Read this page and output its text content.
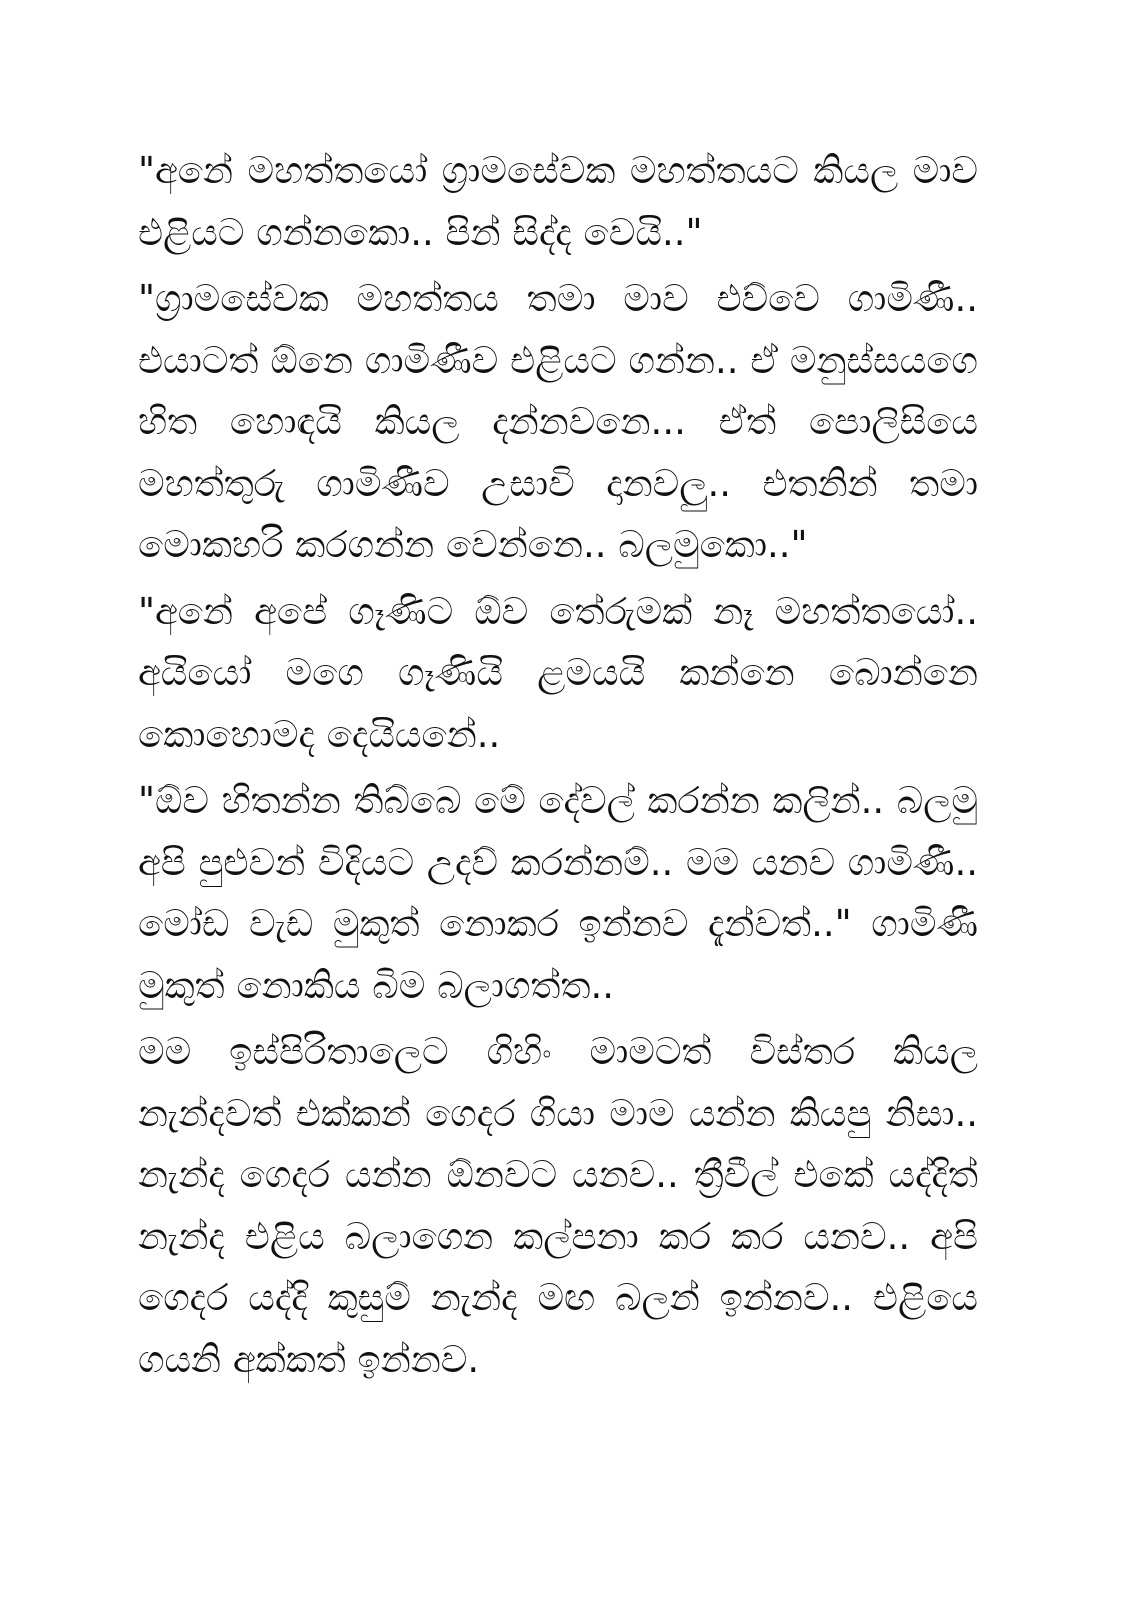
"අනේ මහත්තයෝ ග්‍රාමසේවක මහත්තයට කියල මාව එළියට ගන්නකො.. පින් සිද්ද වෙයි.."

"ග්‍රාමසේවක මහත්තය තමා මාව එව්වෙ ගාමිණී.. එයාටත් ඕනෙ ගාමිණීව එළියට ගන්න.. ඒ මනුස්සයගෙ හිත හොඳයි කියල දන්නවනෙ... ඒත් පොලිසියෙ මහත්තුරු ගාමිණීව උසාවි දානවලු.. එතනින් තමා මොකහරි කරගන්න වෙන්නෙ.. බලමුකො.."

"අනේ අපේ ගෑණිට ඕව තේරුමක් නෑ මහත්තයෝ.. අයියෝ මගෙ ගෑණියි ළමයයි කන්නෙ බොන්නෙ කොහොමද දෙයියනේ..

"ඕව හිතන්න තිබ්බෙ මේ දේවල් කරන්න කලින්.. බලමු අපි පුළුවන් විදියට උදව් කරන්නම්.. මම යනව ගාමිණී.. මෝඩ වැඩ මුකුත් නොකර ඉන්නව දැන්වත්.." ගාමිණී මුකුත් නොකිය බිම බලාගත්ත..

මම ඉස්පිරිතාලෙට ගිහිං මාමටත් විස්තර කියල නැන්දවත් එක්කන් ගෙදර ගියා මාම යන්න කියපු නිසා.. නැන්ද ගෙදර යන්න ඕනවට යනව.. ත්‍රීවීල් එකේ යද්දිත් නැන්ද එළිය බලාගෙන කල්පනා කර කර යනව.. අපි ගෙදර යද්දි කුසුම් නැන්ද මඟ බලන් ඉන්නව.. එළියෙ ගයනි අක්කත් ඉන්නව.
